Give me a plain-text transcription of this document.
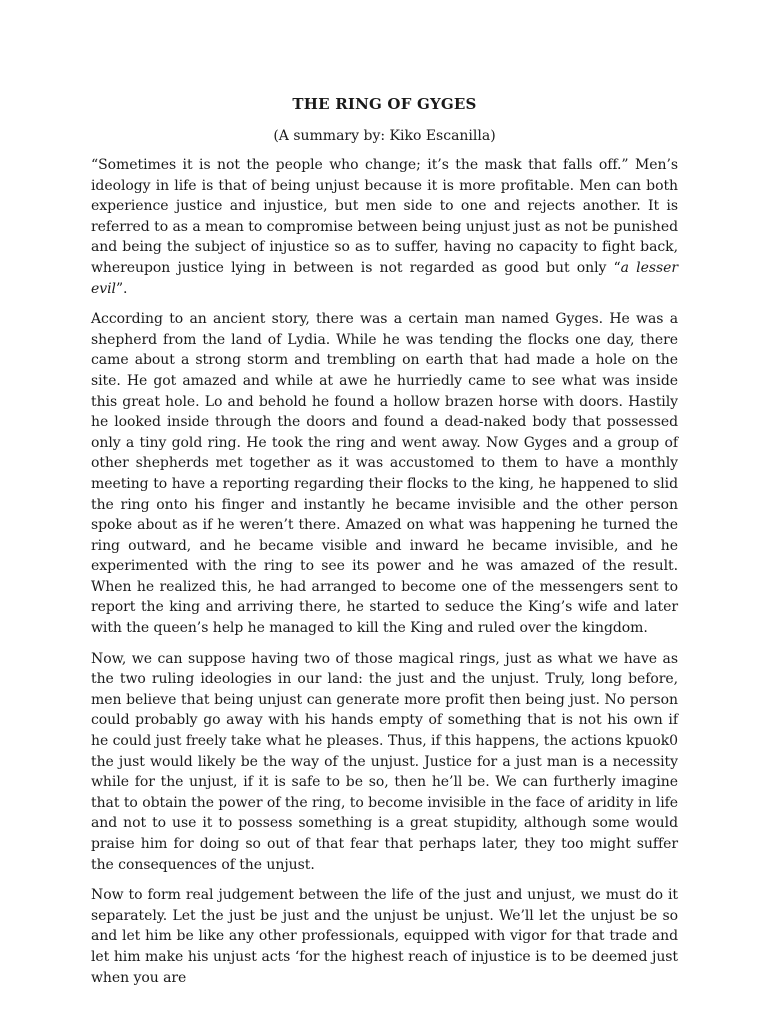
THE RING OF GYGES
(A summary by: Kiko Escanilla)

“Sometimes it is not the people who change; it’s the mask that falls off.” Men’s ideology in life is that of being unjust because it is more profitable. Men can both experience justice and injustice, but men side to one and rejects another. It is referred to as a mean to compromise between being unjust just as not be punished and being the subject of injustice so as to suffer, having no capacity to fight back, whereupon justice lying in between is not regarded as good but only “a lesser evil”.

According to an ancient story, there was a certain man named Gyges. He was a shepherd from the land of Lydia. While he was tending the flocks one day, there came about a strong storm and trembling on earth that had made a hole on the site. He got amazed and while at awe he hurriedly came to see what was inside this great hole. Lo and behold he found a hollow brazen horse with doors. Hastily he looked inside through the doors and found a dead-naked body that possessed only a tiny gold ring. He took the ring and went away. Now Gyges and a group of other shepherds met together as it was accustomed to them to have a monthly meeting to have a reporting regarding their flocks to the king, he happened to slid the ring onto his finger and instantly he became invisible and the other person spoke about as if he weren’t there. Amazed on what was happening he turned the ring outward, and he became visible and inward he became invisible, and he experimented with the ring to see its power and he was amazed of the result. When he realized this, he had arranged to become one of the messengers sent to report the king and arriving there, he started to seduce the King’s wife and later with the queen’s help he managed to kill the King and ruled over the kingdom.

Now, we can suppose having two of those magical rings, just as what we have as the two ruling ideologies in our land: the just and the unjust. Truly, long before, men believe that being unjust can generate more profit then being just. No person could probably go away with his hands empty of something that is not his own if he could just freely take what he pleases. Thus, if this happens, the actions kpuok0 the just would likely be the way of the unjust. Justice for a just man is a necessity while for the unjust, if it is safe to be so, then he’ll be. We can furtherly imagine that to obtain the power of the ring, to become invisible in the face of aridity in life and not to use it to possess something is a great stupidity, although some would praise him for doing so out of that fear that perhaps later, they too might suffer the consequences of the unjust.

Now to form real judgement between the life of the just and unjust, we must do it separately. Let the just be just and the unjust be unjust. We’ll let the unjust be so and let him be like any other professionals, equipped with vigor for that trade and let him make his unjust acts ‘for the highest reach of injustice is to be deemed just when you are
